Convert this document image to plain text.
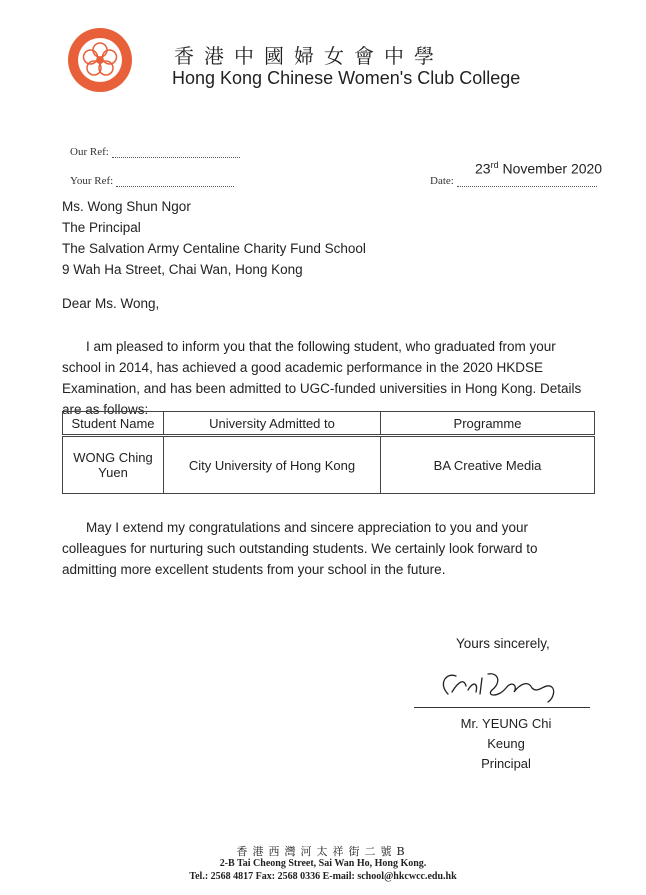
香港中國婦女會中學
Hong Kong Chinese Women's Club College
Our Ref:
Your Ref:
23rd November 2020
Date:
Ms. Wong Shun Ngor
The Principal
The Salvation Army Centaline Charity Fund School
9 Wah Ha Street, Chai Wan, Hong Kong
Dear Ms. Wong,
I am pleased to inform you that the following student, who graduated from your school in 2014, has achieved a good academic performance in the 2020 HKDSE Examination, and has been admitted to UGC-funded universities in Hong Kong. Details are as follows:
Student Name	University Admitted to	Programme
WONG Ching Yuen	City University of Hong Kong	BA Creative Media
May I extend my congratulations and sincere appreciation to you and your colleagues for nurturing such outstanding students. We certainly look forward to admitting more excellent students from your school in the future.
Yours sincerely,
Mr. YEUNG Chi Keung
Principal
香港西灣河太祥街二號B
2-B Tai Cheong Street, Sai Wan Ho, Hong Kong.
Tel.: 2568 4817 Fax: 2568 0336 E-mail: school@hkcwcc.edu.hk
